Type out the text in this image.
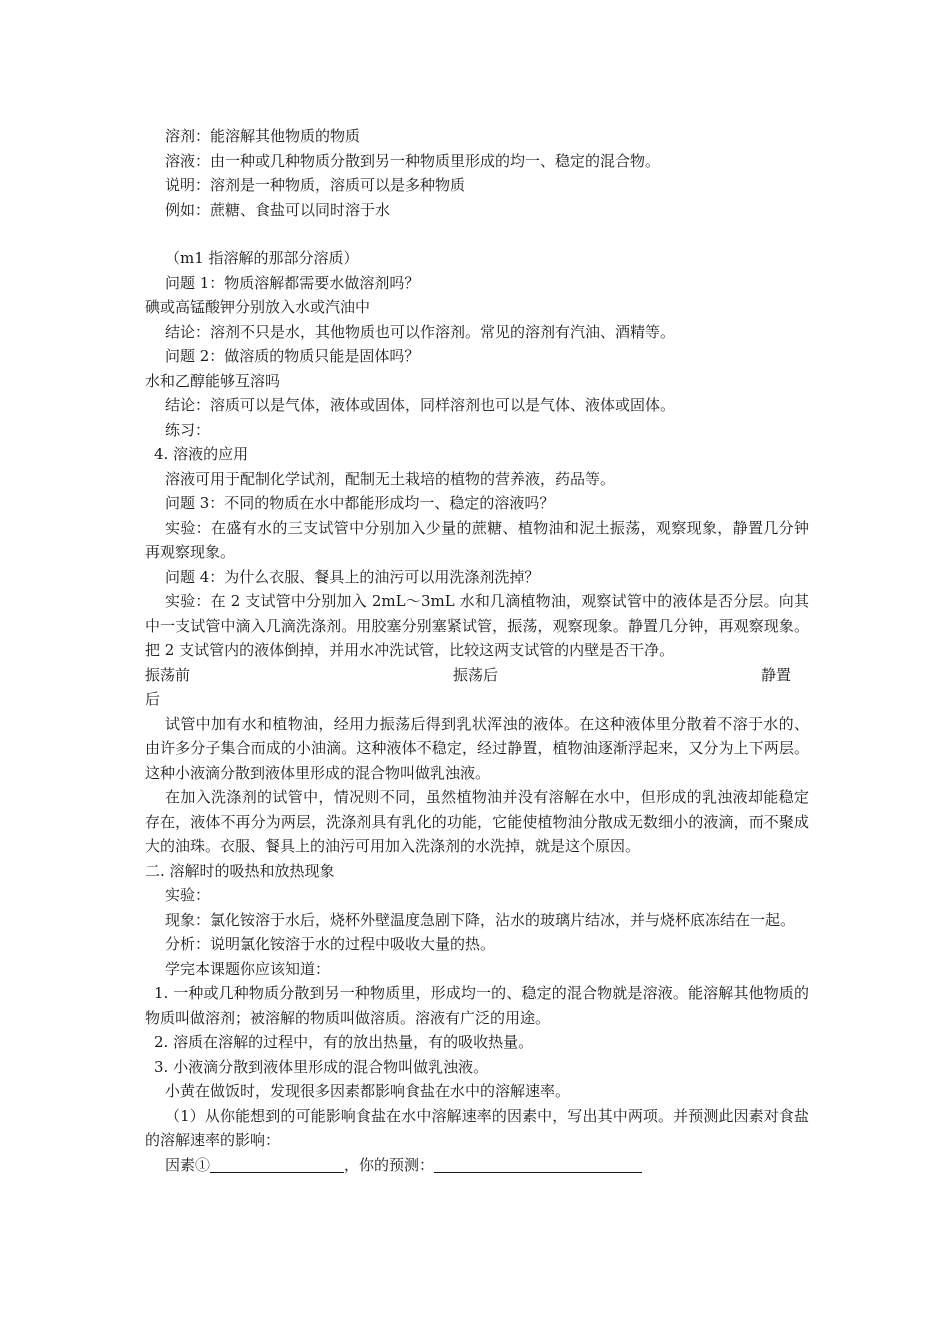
溶剂：能溶解其他物质的物质

溶液：由一种或几种物质分散到另一种物质里形成的均一、稳定的混合物。

说明：溶剂是一种物质，溶质可以是多种物质

例如：蔗糖、食盐可以同时溶于水

（m1 指溶解的那部分溶质）

问题 1：物质溶解都需要水做溶剂吗？

碘或高锰酸钾分别放入水或汽油中

结论：溶剂不只是水，其他物质也可以作溶剂。常见的溶剂有汽油、酒精等。

问题 2：做溶质的物质只能是固体吗？

水和乙醇能够互溶吗

结论：溶质可以是气体，液体或固体，同样溶剂也可以是气体、液体或固体。

练习：

4. 溶液的应用

溶液可用于配制化学试剂，配制无土栽培的植物的营养液，药品等。

问题 3：不同的物质在水中都能形成均一、稳定的溶液吗？

实验：在盛有水的三支试管中分别加入少量的蔗糖、植物油和泥土振荡，观察现象，静置几分钟再观察现象。

问题 4：为什么衣服、餐具上的油污可以用洗涤剂洗掉？

实验：在 2 支试管中分别加入 2mL～3mL 水和几滴植物油，观察试管中的液体是否分层。向其中一支试管中滴入几滴洗涤剂。用胶塞分别塞紧试管，振荡，观察现象。静置几分钟，再观察现象。把 2 支试管内的液体倒掉，并用水冲洗试管，比较这两支试管的内壁是否干净。

振荡前	振荡后	静置

后

试管中加有水和植物油，经用力振荡后得到乳状浑浊的液体。在这种液体里分散着不溶于水的、由许多分子集合而成的小油滴。这种液体不稳定，经过静置，植物油逐渐浮起来，又分为上下两层。这种小液滴分散到液体里形成的混合物叫做乳浊液。

在加入洗涤剂的试管中，情况则不同，虽然植物油并没有溶解在水中，但形成的乳浊液却能稳定存在，液体不再分为两层，洗涤剂具有乳化的功能，它能使植物油分散成无数细小的液滴，而不聚成大的油珠。衣服、餐具上的油污可用加入洗涤剂的水洗掉，就是这个原因。

二. 溶解时的吸热和放热现象

实验：

现象：氯化铵溶于水后，烧杯外壁温度急剧下降，沾水的玻璃片结冰，并与烧杯底冻结在一起。

分析：说明氯化铵溶于水的过程中吸收大量的热。

学完本课题你应该知道：

1. 一种或几种物质分散到另一种物质里，形成均一的、稳定的混合物就是溶液。能溶解其他物质的物质叫做溶剂；被溶解的物质叫做溶质。溶液有广泛的用途。

2. 溶质在溶解的过程中，有的放出热量，有的吸收热量。

3. 小液滴分散到液体里形成的混合物叫做乳浊液。

小黄在做饭时，发现很多因素都影响食盐在水中的溶解速率。

（1）从你能想到的可能影响食盐在水中溶解速率的因素中，写出其中两项。并预测此因素对食盐的溶解速率的影响：

因素①	，你的预测：
